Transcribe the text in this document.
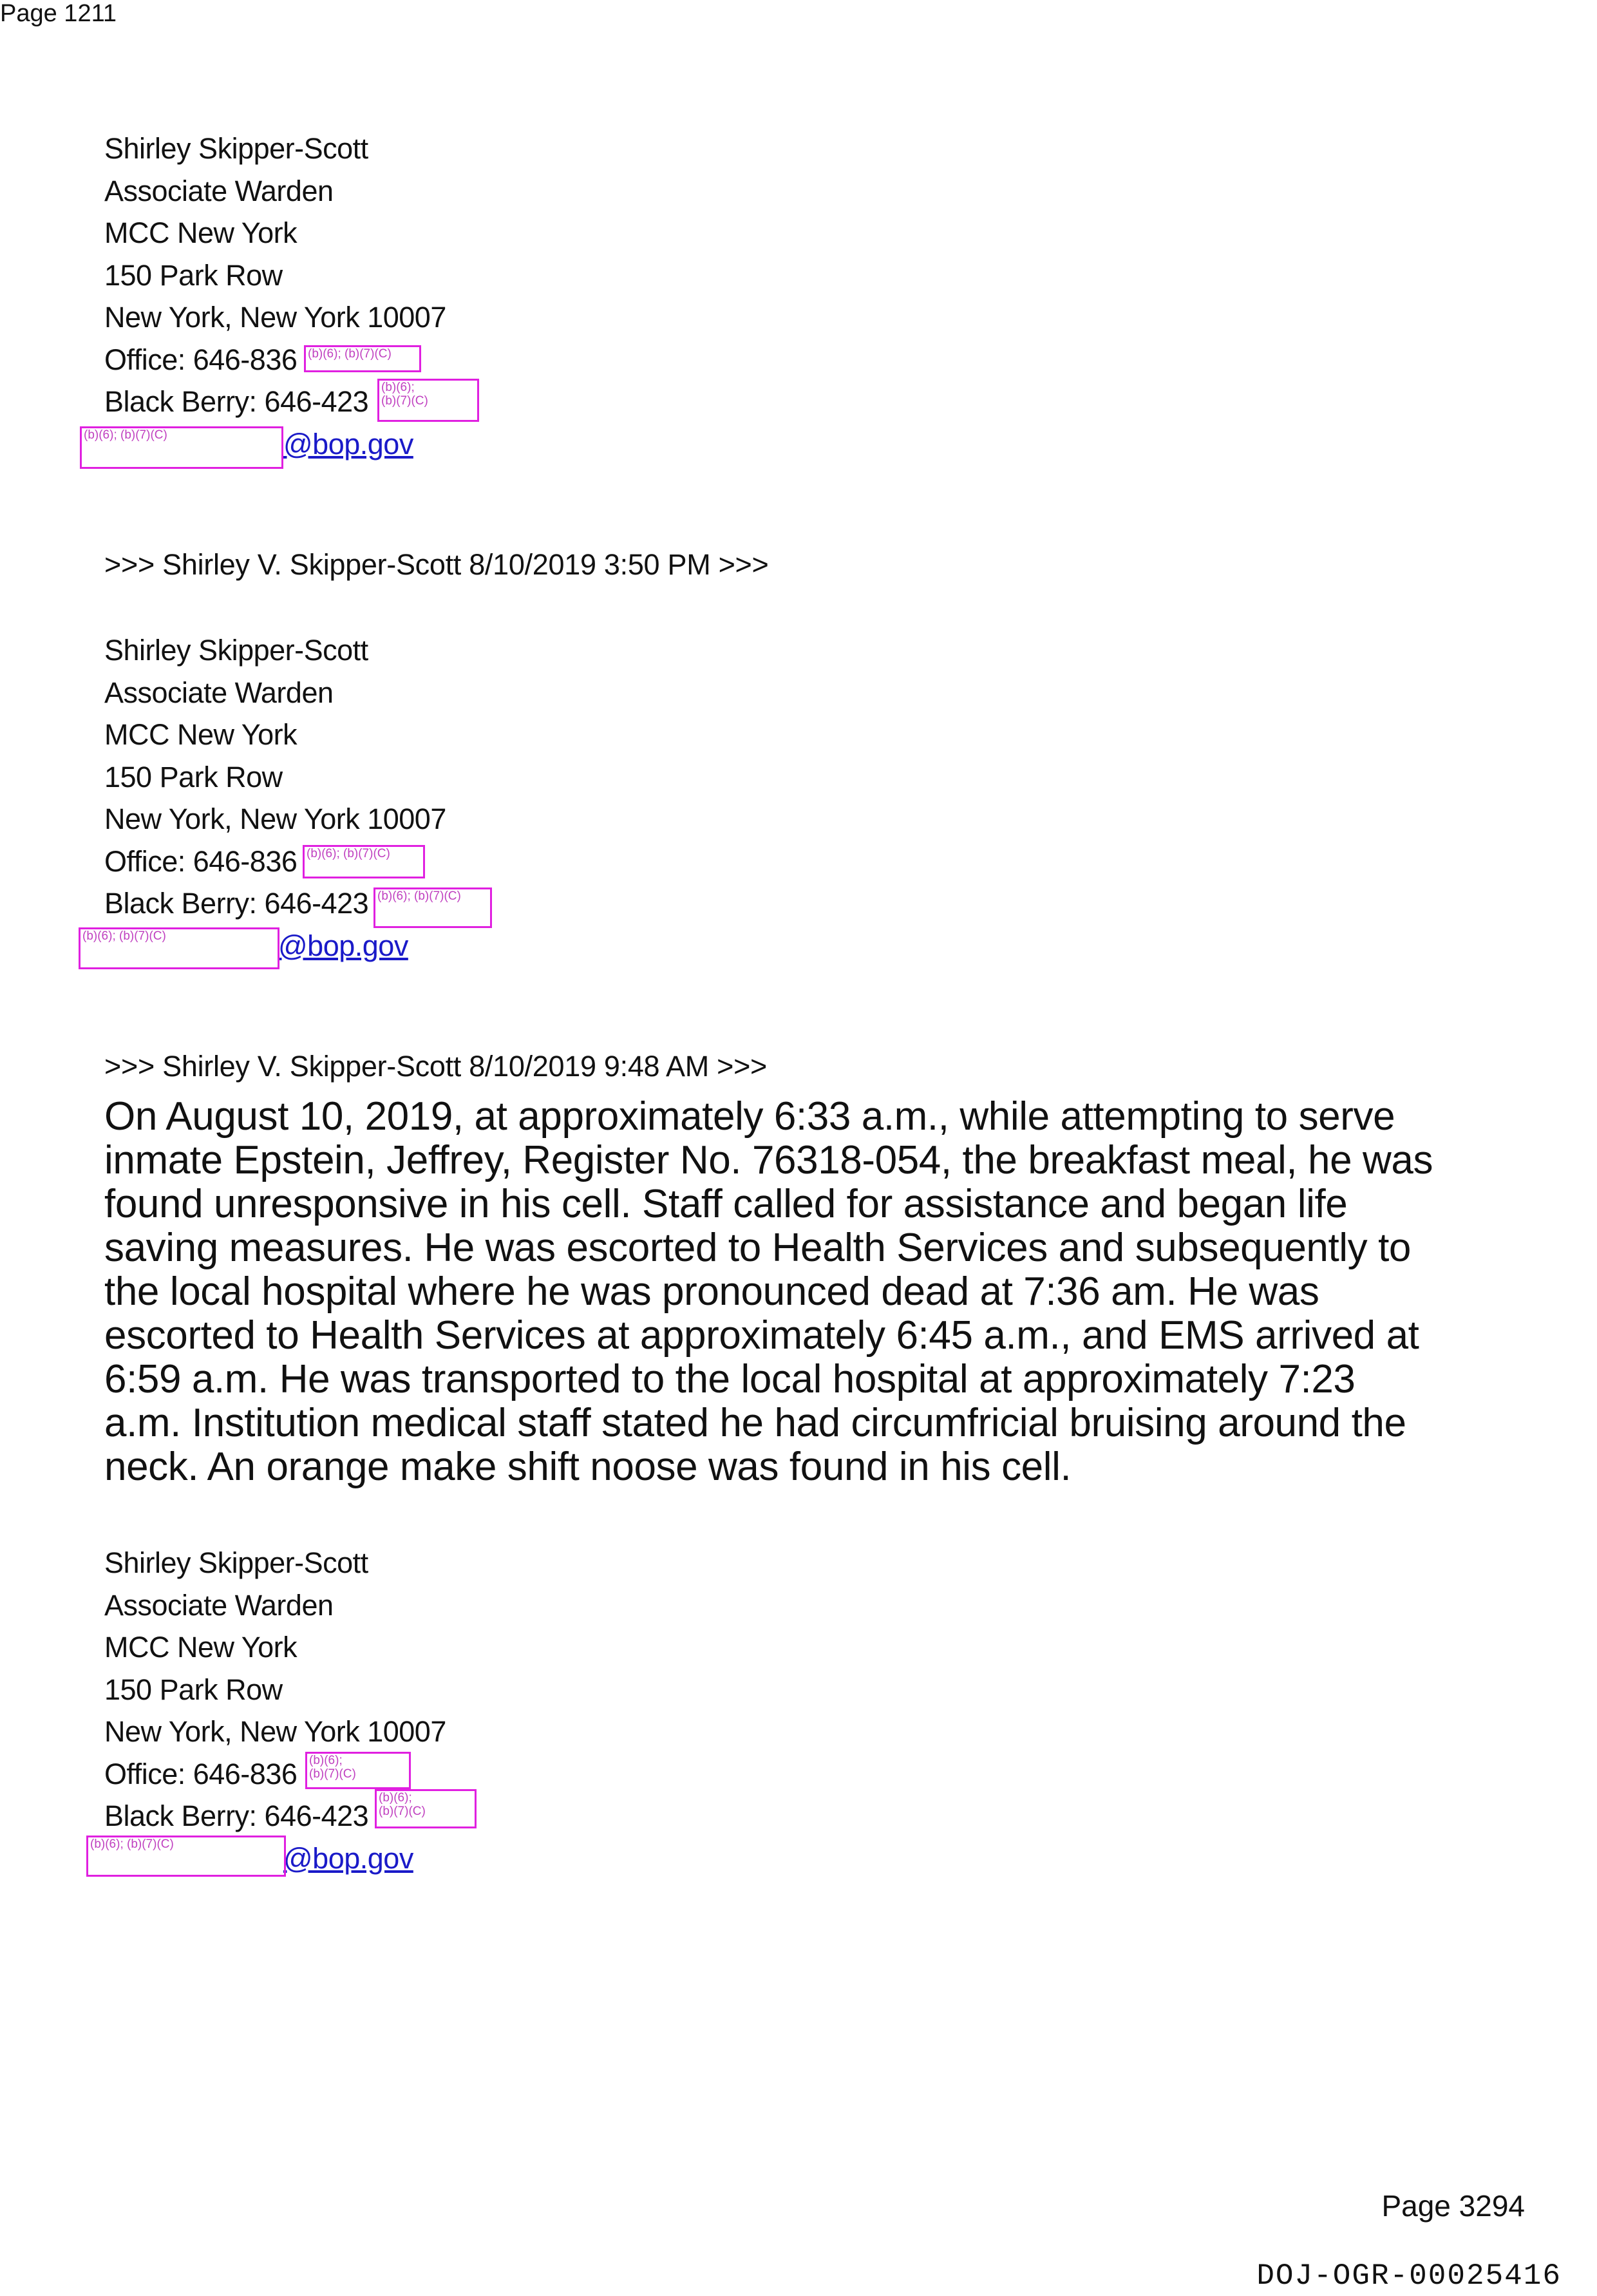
Page 1211
Shirley Skipper-Scott
Associate Warden
MCC New York
150 Park Row
New York, New York 10007
Office: 646-836
Black Berry: 646-423
@bop.gov
(b)(6); (b)(7)(C)
(b)(6);
(b)(7)(C)
(b)(6); (b)(7)(C)
>>> Shirley V. Skipper-Scott 8/10/2019 3:50 PM >>>
Shirley Skipper-Scott
Associate Warden
MCC New York
150 Park Row
New York, New York 10007
Office: 646-836
Black Berry: 646-423
@bop.gov
(b)(6); (b)(7)(C)
(b)(6); (b)(7)(C)
(b)(6); (b)(7)(C)
>>> Shirley V. Skipper-Scott 8/10/2019 9:48 AM >>>

On August 10, 2019, at approximately 6:33 a.m., while attempting to serve

inmate Epstein, Jeffrey, Register No. 76318-054, the breakfast meal, he was

found unresponsive in his cell. Staff called for assistance and began life

saving measures. He was escorted to Health Services and subsequently to

the local hospital where he was pronounced dead at 7:36 am. He was

escorted to Health Services at approximately 6:45 a.m., and EMS arrived at

6:59 a.m. He was transported to the local hospital at approximately 7:23

a.m. Institution medical staff stated he had circumfricial bruising around the

neck. An orange make shift noose was found in his cell.

Shirley Skipper-Scott
Associate Warden
MCC New York
150 Park Row
New York, New York 10007
Office: 646-836
Black Berry: 646-423
@bop.gov
(b)(6);
(b)(7)(C)
(b)(6);
(b)(7)(C)
(b)(6); (b)(7)(C)
Page 3294
DOJ-OGR-00025416
